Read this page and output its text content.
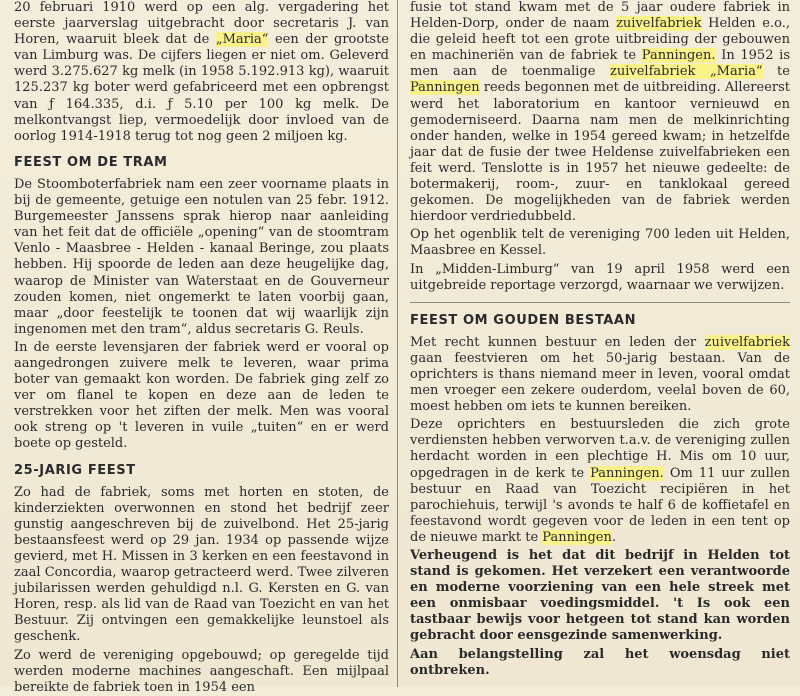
20 februari 1910 werd op een alg. vergadering het eerste jaarverslag uitgebracht door secretaris J. van Horen, waaruit bleek dat de „Maria“ een der grootste van Limburg was. De cijfers liegen er niet om. Geleverd werd 3.275.627 kg melk (in 1958 5.192.913 kg), waaruit 125.237 kg boter werd gefabriceerd met een opbrengst van ƒ 164.335, d.i. ƒ 5.10 per 100 kg melk. De melkontvangst liep, vermoedelijk door invloed van de oorlog 1914-1918 terug tot nog geen 2 miljoen kg.

FEEST OM DE TRAM

De Stoomboterfabriek nam een zeer voorname plaats in bij de gemeente, getuige een notulen van 25 febr. 1912. Burgemeester Janssens sprak hierop naar aanleiding van het feit dat de officiële „opening“ van de stoomtram Venlo - Maasbree - Helden - kanaal Beringe, zou plaats hebben. Hij spoorde de leden aan deze heugelijke dag, waarop de Minister van Waterstaat en de Gouverneur zouden komen, niet ongemerkt te laten voorbij gaan, maar „door feestelijk te toonen dat wij waarlijk zijn ingenomen met den tram“, aldus secretaris G. Reuls.

In de eerste levensjaren der fabriek werd er vooral op aangedrongen zuivere melk te leveren, waar prima boter van gemaakt kon worden. De fabriek ging zelf zo ver om flanel te kopen en deze aan de leden te verstrekken voor het ziften der melk. Men was vooral ook streng op 't leveren in vuile „tuiten“ en er werd boete op gesteld.

25-JARIG FEEST

Zo had de fabriek, soms met horten en stoten, de kinderziekten overwonnen en stond het bedrijf zeer gunstig aangeschreven bij de zuivelbond. Het 25-jarig bestaansfeest werd op 29 jan. 1934 op passende wijze gevierd, met H. Missen in 3 kerken en een feestavond in zaal Concordia, waarop getracteerd werd. Twee zilveren jubilarissen werden gehuldigd n.l. G. Kersten en G. van Horen, resp. als lid van de Raad van Toezicht en van het Bestuur. Zij ontvingen een gemakkelijke leunstoel als geschenk.

Zo werd de vereniging opgebouwd; op geregelde tijd werden moderne machines aangeschaft. Een mijlpaal bereikte de fabriek toen in 1954 een

fusie tot stand kwam met de 5 jaar oudere fabriek in Helden-Dorp, onder de naam zuivelfabriek Helden e.o., die geleid heeft tot een grote uitbreiding der gebouwen en machineriën van de fabriek te Panningen. In 1952 is men aan de toenmalige zuivelfabriek „Maria“ te Panningen reeds begonnen met de uitbreiding. Allereerst werd het laboratorium en kantoor vernieuwd en gemoderniseerd. Daarna nam men de melkinrichting onder handen, welke in 1954 gereed kwam; in hetzelfde jaar dat de fusie der twee Heldense zuivelfabrieken een feit werd. Tenslotte is in 1957 het nieuwe gedeelte: de botermakerij, room-, zuur- en tanklokaal gereed gekomen. De mogelijkheden van de fabriek werden hierdoor verdriedubbeld.

Op het ogenblik telt de vereniging 700 leden uit Helden, Maasbree en Kessel.

In „Midden-Limburg“ van 19 april 1958 werd een uitgebreide reportage verzorgd, waarnaar we verwijzen.

FEEST OM GOUDEN BESTAAN

Met recht kunnen bestuur en leden der zuivelfabriek gaan feestvieren om het 50-jarig bestaan. Van de oprichters is thans niemand meer in leven, vooral omdat men vroeger een zekere ouderdom, veelal boven de 60, moest hebben om iets te kunnen bereiken.

Deze oprichters en bestuursleden die zich grote verdiensten hebben verworven t.a.v. de vereniging zullen herdacht worden in een plechtige H. Mis om 10 uur, opgedragen in de kerk te Panningen. Om 11 uur zullen bestuur en Raad van Toezicht recipiëren in het parochiehuis, terwijl 's avonds te half 6 de koffietafel en feestavond wordt gegeven voor de leden in een tent op de nieuwe markt te Panningen.

Verheugend is het dat dit bedrijf in Helden tot stand is gekomen. Het verzekert een verantwoorde en moderne voorziening van een hele streek met een onmisbaar voedingsmiddel. 't Is ook een tastbaar bewijs voor hetgeen tot stand kan worden gebracht door eensgezinde samenwerking.

Aan belangstelling zal het woensdag niet ontbreken.
